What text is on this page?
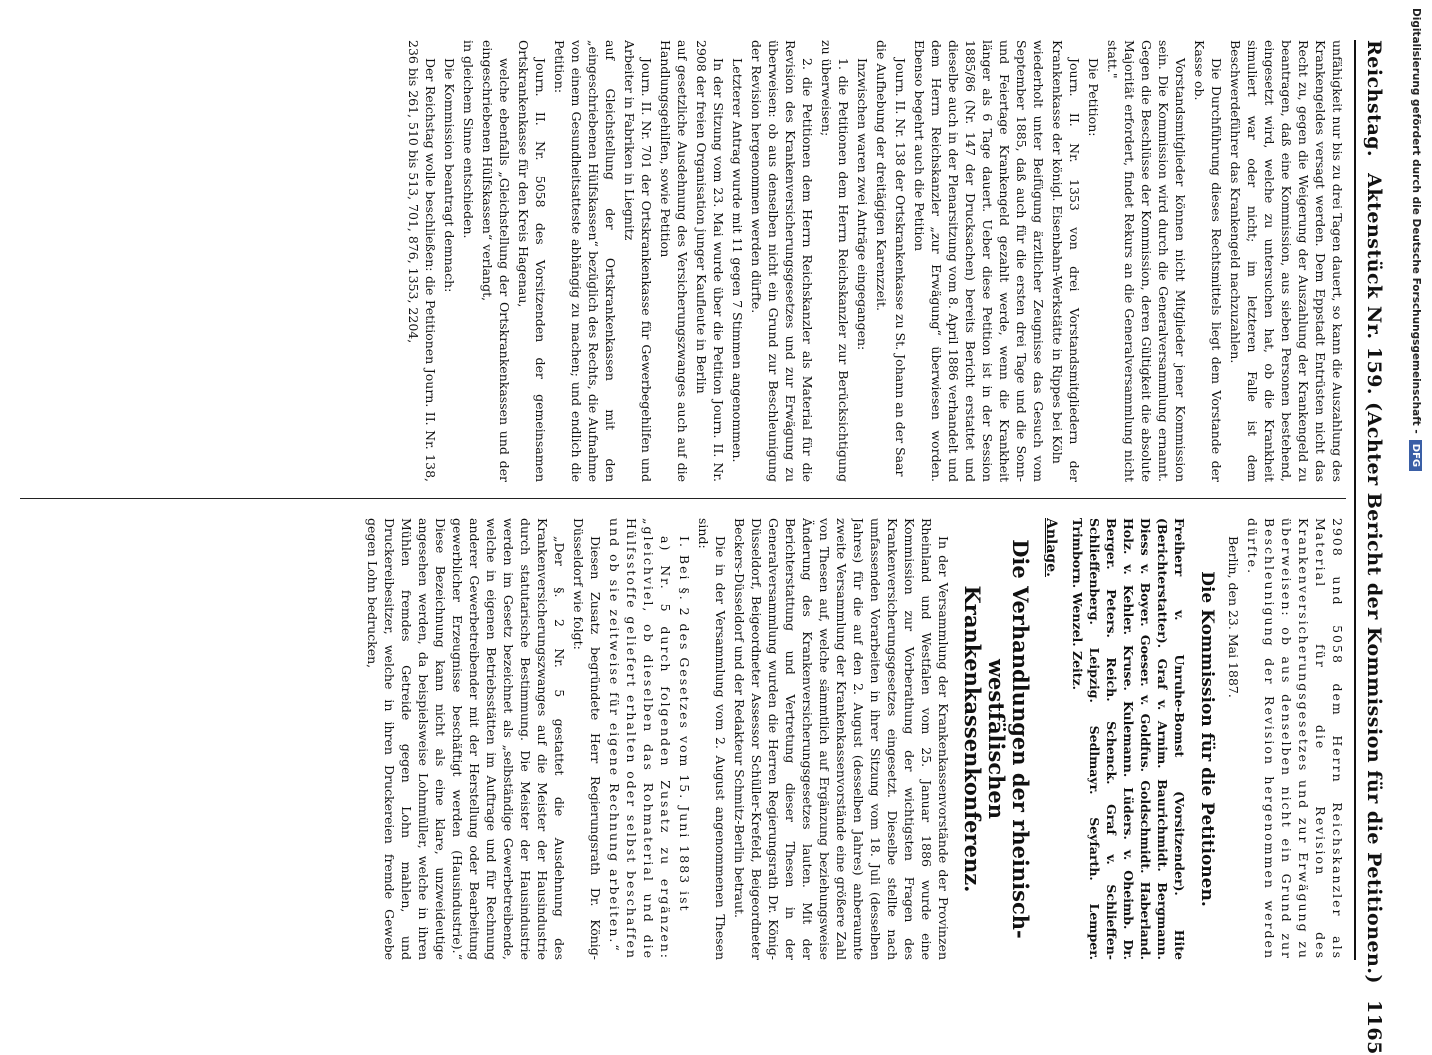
Reichstag.
Aktenstück Nr. 159. (Achter Bericht der Kommission für die Petitionen.)
1165

unfähigkeit nur bis zu drei Tagen dauert, so kann die Auszahlung des Krankengeldes versagt werden. Dem Eppstadt Entrüsten nicht das Recht zu, gegen die Weigerung der Auszahlung der Krankengeld zu beantragen, daß eine Kommission, aus sieben Personen bestehend, eingesetzt wird, welche zu untersuchen hat, ob die Krankheit simuliert war oder nicht; im letzteren Falle ist dem Beschwerdeführer das Krankengeld nachzuzahlen.

Die Durchführung dieses Rechtsmittels liegt dem Vorstande der Kasse ob.

Vorstandsmitglieder können nicht Mitglieder jener Kommission sein. Die Kommission wird durch die Generalversammlung ernannt. Gegen die Beschlüsse der Kommission, deren Gültigkeit die absolute Majorität erfordert, findet Rekurs an die Generalversammlung nicht statt."

Die Petition:

Journ. II. Nr. 1353 von drei Vorstandsmitgliedern der Krankenkasse der königl. Eisenbahn-Werkstätte in Rippes bei Köln

wiederholt unter Beifügung ärztlicher Zeugnisse das Gesuch vom September 1885, daß auch für die ersten drei Tage und die Sonn- und Feiertage Krankengeld gezahlt werde, wenn die Krankheit länger als 6 Tage dauert. Ueber diese Petition ist in der Session 1885/86 (Nr. 147 der Drucksachen) bereits Bericht erstattet und dieselbe auch in der Plenarsitzung vom 8. April 1886 verhandelt und dem Herrn Reichskanzler „zur Erwägung“ überwiesen worden. Ebenso begehrt auch die Petition

Journ. II. Nr. 138 der Ortskrankenkasse zu St. Johann an der Saar

die Aufhebung der dreitägigen Karenzzeit.

Inzwischen waren zwei Anträge eingegangen:

1. die Petitionen dem Herrn Reichskanzler zur Berücksichtigung zu überweisen;

2. die Petitionen dem Herrn Reichskanzler als Material für die Revision des Krankenversicherungsgesetzes und zur Erwägung zu überweisen: ob aus denselben nicht ein Grund zur Beschleunigung der Revision hergenommen werden dürfte.

Letzterer Antrag wurde mit 11 gegen 7 Stimmen angenommen.

In der Sitzung vom 23. Mai wurde über die Petition Journ. II. Nr. 2908 der freien Organisation junger Kaufleute in Berlin

auf gesetzliche Ausdehnung des Versicherungszwanges auch auf die Handlungsgehilfen, sowie Petition

Journ. II. Nr. 701 der Ortskrankenkasse für Gewerbegehilfen und Arbeiter in Fabriken in Liegnitz

auf Gleichstellung der Ortskrankenkassen mit den „eingeschriebenen Hülfskassen“ bezüglich des Rechts, die Aufnahme von einem Gesundheitsatteste abhängig zu machen; und endlich die Petition:

Journ. II. Nr. 5058 des Vorsitzenden der gemeinsamen Ortskrankenkasse für den Kreis Hagenau,

welche ebenfalls „Gleichstellung der Ortskrankenkassen und der eingeschriebenen Hülfskassen“ verlangt,

in gleichem Sinne entschieden.

Die Kommission beantragt demnach:

Der Reichstag wolle beschließen: die Petitionen Journ. II. Nr. 138, 236 bis 261, 510 bis 513, 701, 876, 1353, 2204,

2908 und 5058 dem Herrn Reichskanzler als Material für die Revision des Krankenversicherungsgesetzes und zur Erwägung zu überweisen: ob aus denselben nicht ein Grund zur Beschleunigung der Revision hergenommen werden dürfte.

Berlin, den 23. Mai 1887.

Die Kommission für die Petitionen.

Freiherr v. Unruhe-Bomst (Vorsitzender). Hite (Berichterstatter). Graf v. Arnim. Baurichmidt. Bergmann. Diess v. Boyer. Goeser. v. Goldfus. Goldschmidt. Haberland. Holz. v. Kehler. Kruse. Kulemann. Lüders. v. Oheimb. Dr. Berger. Peters. Reich. Schenck. Graf v. Schlieffen-Schlieffenberg. Leipzig. Sedlmayr. Seyfarth. Lemper. Trimborn. Wenzel. Zeitz.

Anlage.
Die Verhandlungen der rheinisch-westfälischen Krankenkassenkonferenz.

In der Versammlung der Krankenkassenvorstände der Provinzen Rheinland und Westfalen vom 25. Januar 1886 wurde eine Kommission zur Vorberathung der wichtigsten Fragen des Krankenversicherungsgesetzes eingesetzt. Dieselbe stellte nach umfassenden Vorarbeiten in ihrer Sitzung vom 18. Juli (desselben Jahres) für die auf den 2. August (desselben Jahres) anberaumte zweite Versammlung der Krankenkassenvorstände eine größere Zahl von Thesen auf, welche sämmtlich auf Ergänzung beziehungsweise Änderung des Krankenversicherungsgesetzes lauten. Mit der Berichterstattung und Vertretung dieser Thesen in der Generalversammlung wurden die Herren Regierungsrath Dr. König-Düsseldorf, Beigeordneter Assessor Schüller-Krefeld, Beigeordneter Beckers-Düsseldorf und der Redakteur Schmitz-Berlin betraut.

Die in der Versammlung vom 2. August angenommenen Thesen sind:

I. Bei §. 2 des Gesetzes vom 15. Juni 1883 ist

a) Nr. 5 durch folgenden Zusatz zu ergänzen: „gleichviel, ob dieselben das Rohmaterial und die Hülfsstoffe geliefert erhalten oder selbst beschaffen und ob sie zeitweise für eigene Rechnung arbeiten.“

Diesen Zusatz begründete Herr Regierungsrath Dr. König-Düsseldorf wie folgt:

„Der §. 2 Nr. 5 gestattet die Ausdehnung des Krankenversicherungszwanges auf die Meister der Hausindustrie durch statutarische Bestimmung. Die Meister der Hausindustrie werden im Gesetz bezeichnet als „selbständige Gewerbetreibende, welche in eigenen Betriebsstätten im Auftrage und für Rechnung anderer Gewerbetreibender mit der Herstellung oder Bearbeitung gewerblicher Erzeugnisse beschäftigt werden (Hausindustrie).“ Diese Bezeichnung kann nicht als eine klare, unzweideutige angesehen werden, da beispielsweise Lohnmüller, welche in ihren Mühlen fremdes Getreide gegen Lohn mahlen, und Druckereibesitzer, welche in ihren Druckereien fremde Gewebe gegen Lohn bedrucken,

Digitalisierung gefördert durch die Deutsche Forschungsgemeinschaft -
DFG
